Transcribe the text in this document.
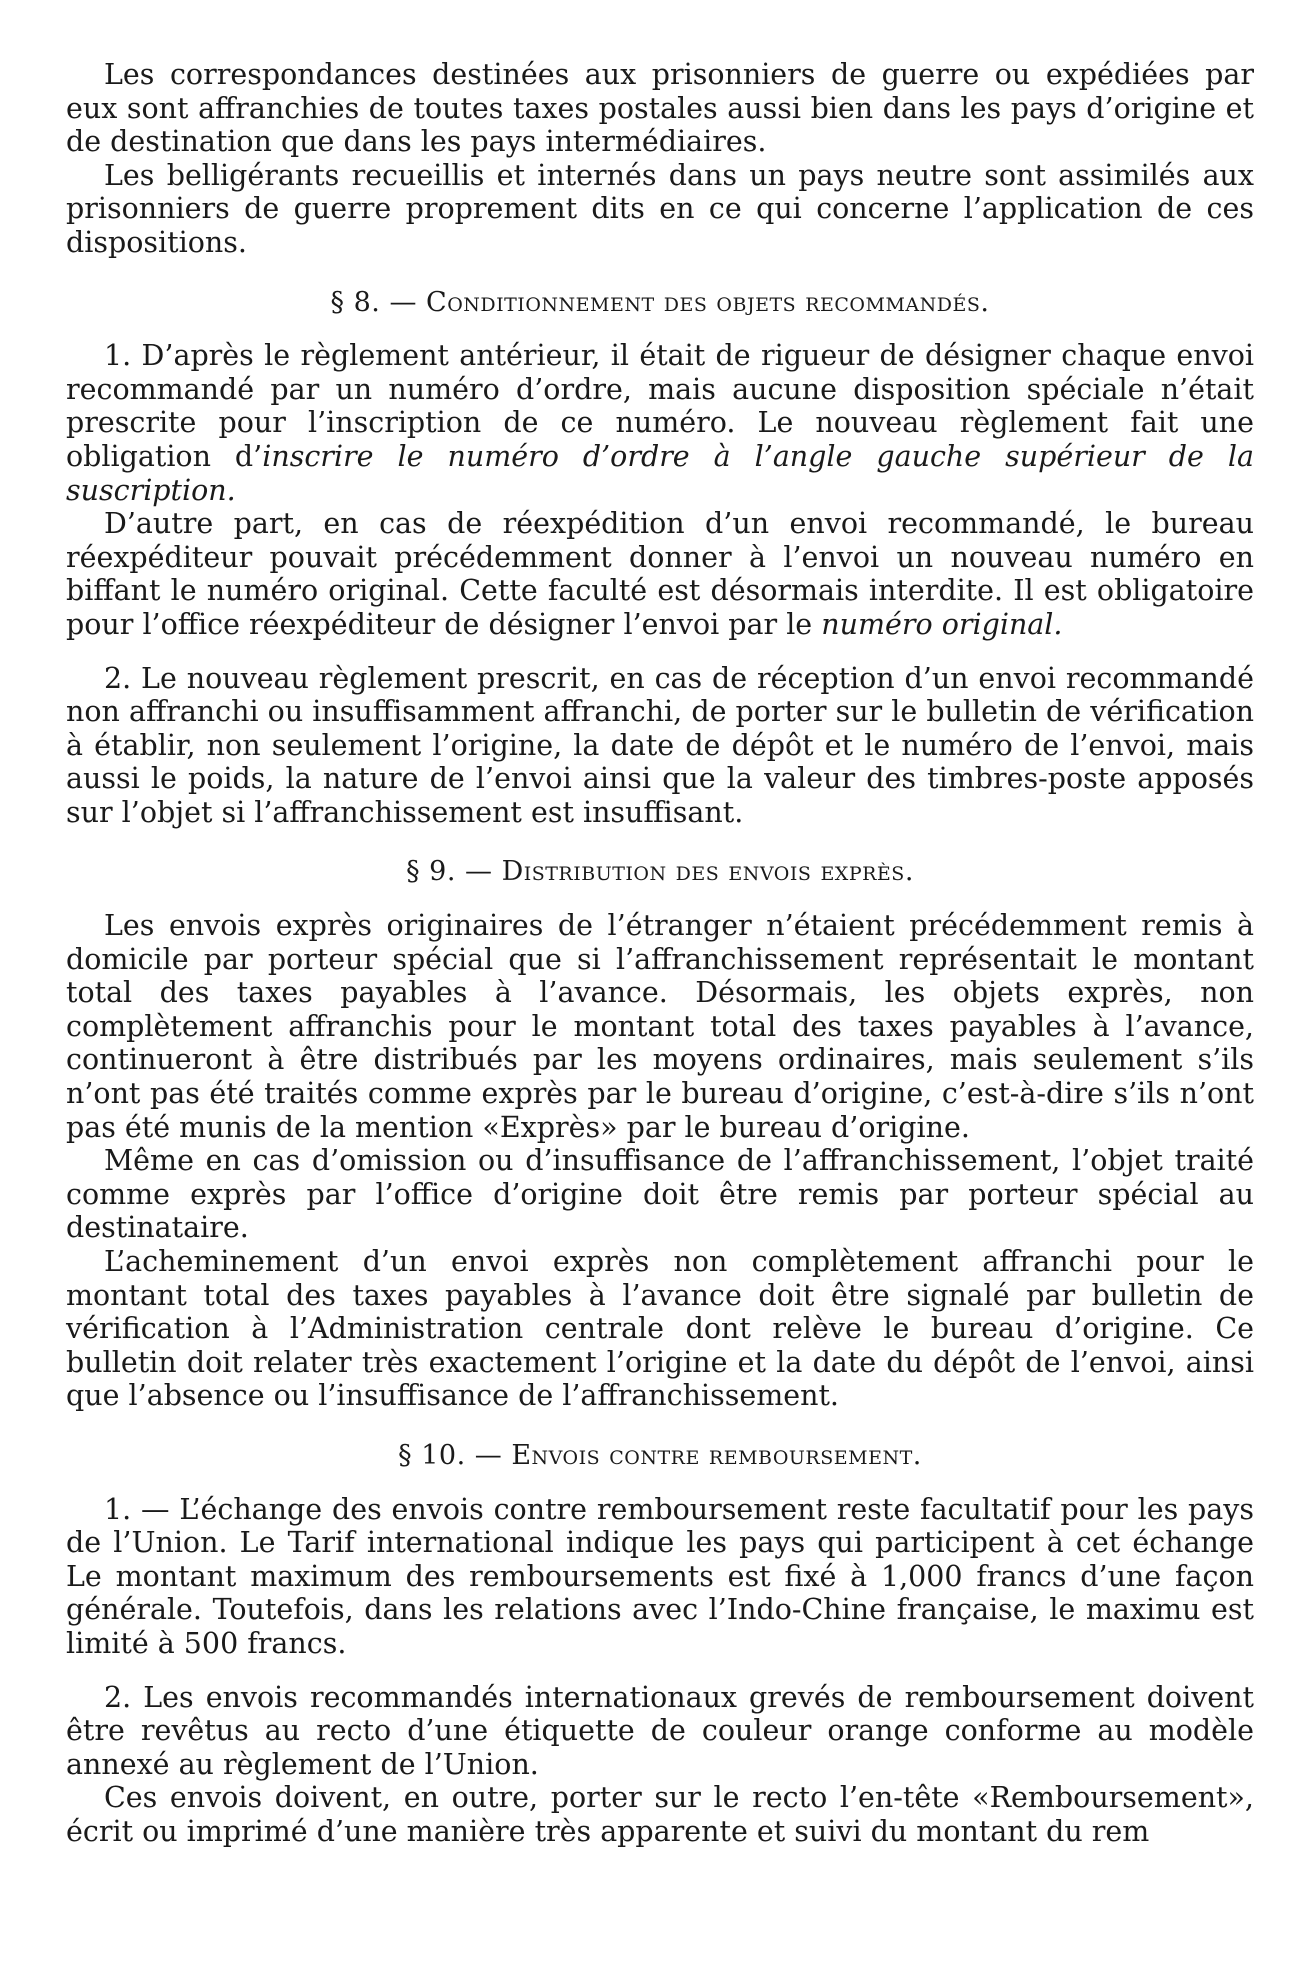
Les correspondances destinées aux prisonniers de guerre ou expédiées par eux sont affranchies de toutes taxes postales aussi bien dans les pays d’origine et de destination que dans les pays intermédiaires.

Les belligérants recueillis et internés dans un pays neutre sont assimilés aux prisonniers de guerre proprement dits en ce qui concerne l’application de ces dispositions.

§ 8. — Conditionnement des objets recommandés.

1. D’après le règlement antérieur, il était de rigueur de désigner chaque envoi recommandé par un numéro d’ordre, mais aucune disposition spéciale n’était prescrite pour l’inscription de ce numéro. Le nouveau règlement fait une obligation d’inscrire le numéro d’ordre à l’angle gauche supérieur de la suscription.

D’autre part, en cas de réexpédition d’un envoi recommandé, le bureau réexpéditeur pouvait précédemment donner à l’envoi un nouveau numéro en biffant le numéro original. Cette faculté est désormais interdite. Il est obligatoire pour l’office réexpéditeur de désigner l’envoi par le numéro original.

2. Le nouveau règlement prescrit, en cas de réception d’un envoi recommandé non affranchi ou insuffisamment affranchi, de porter sur le bulletin de vérification à établir, non seulement l’origine, la date de dépôt et le numéro de l’envoi, mais aussi le poids, la nature de l’envoi ainsi que la valeur des timbres-poste apposés sur l’objet si l’affranchissement est insuffisant.

§ 9. — Distribution des envois exprès.

Les envois exprès originaires de l’étranger n’étaient précédemment remis à domicile par porteur spécial que si l’affranchissement représentait le montant total des taxes payables à l’avance. Désormais, les objets exprès, non complètement affranchis pour le montant total des taxes payables à l’avance, continueront à être distribués par les moyens ordinaires, mais seulement s’ils n’ont pas été traités comme exprès par le bureau d’origine, c’est-à-dire s’ils n’ont pas été munis de la mention «Exprès» par le bureau d’origine.

Même en cas d’omission ou d’insuffisance de l’affranchissement, l’objet traité comme exprès par l’office d’origine doit être remis par porteur spécial au destinataire.

L’acheminement d’un envoi exprès non complètement affranchi pour le montant total des taxes payables à l’avance doit être signalé par bulletin de vérification à l’Administration centrale dont relève le bureau d’origine. Ce bulletin doit relater très exactement l’origine et la date du dépôt de l’envoi, ainsi que l’absence ou l’insuffisance de l’affranchissement.

§ 10. — Envois contre remboursement.

1. — L’échange des envois contre remboursement reste facultatif pour les pays de l’Union. Le Tarif international indique les pays qui participent à cet échange Le montant maximum des remboursements est fixé à 1,000 francs d’une façon générale. Toutefois, dans les relations avec l’Indo-Chine française, le maximu est limité à 500 francs.

2. Les envois recommandés internationaux grevés de remboursement doivent être revêtus au recto d’une étiquette de couleur orange conforme au modèle annexé au règlement de l’Union.

Ces envois doivent, en outre, porter sur le recto l’en-tête «Remboursement», écrit ou imprimé d’une manière très apparente et suivi du montant du rem
